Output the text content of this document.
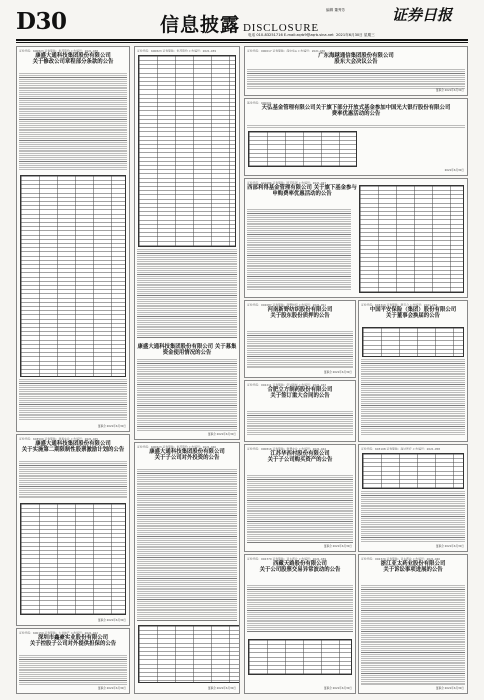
D30	信息披露 DISCLOSURE
编辑 董秀芳	证券日报
电话 010-83251716 E-mail:zqrb9@zqrb.sina.net 2021年6月30日 星期三
证券代码：600823 证券简称：世茂股份 公告编号：2021-038
康盛大通科技集团股份有限公司
关于修改公司章程部分条款的公告
董事会 2021年6月30日
证券代码：603500 证券简称：祥和实业 公告编号：2021-045
康盛大通科技集团股份有限公司
关于实施第二期限制性股票激励计划的公告
董事会 2021年6月30日
证券代码：600159 证券简称：大龙地产 公告编号：2021-022
深圳市鑫豪实业股份有限公司
关于控股子公司对外提供担保的公告
董事会 2021年6月30日
证券代码：600823 证券简称：世茂股份 公告编号：2021-039
康盛大通科技集团股份有限公司 关于募集资金使用情况的公告
董事会 2021年6月30日
证券代码：600823 证券简称：世茂股份 公告编号：2021-040
康盛大通科技集团股份有限公司
关于子公司对外投资的公告
董事会 2021年6月30日
证券代码：000017 证券简称：深中华A 公告编号：2021-030
广东海越通信集团股份有限公司
股东大会决议公告
董事会 2021年6月30日
基金代码：000001
天弘基金管理有限公司关于旗下部分开放式基金参加中国光大银行股份有限公司
费率优惠活动的公告
2021年6月30日
证券代码：601086 证券简称：国芳集团 公告编号：2021-027
西部利得基金管理有限公司 关于旗下基金参与申购费率优惠活动的公告
证券代码：002087 证券简称：新野纺织 公告编号：2021-051
河南新野纺织股份有限公司
关于股东股份质押的公告
董事会 2021年6月30日
证券代码：603313 证券简称：梦百合 公告编号：2021-064
中国平安保险（集团）股份有限公司
关于董事会换届的公告
证券代码：002211 证券简称：宏达新材 公告编号：2021-033
合肥立方制药股份有限公司
关于签订重大合同的公告
证券代码：000816 证券简称：智慧农业 公告编号：2021-044
江苏华西村股份有限公司
关于子公司购买资产的公告
董事会 2021年6月30日
证券代码：603108 证券简称：润达医疗 公告编号：2021-058
董事会 2021年6月30日
证券代码：002370 证券简称：亚太药业 公告编号：2021-039
西藏天路股份有限公司
关于公司股票交易异常波动的公告
董事会 2021年6月30日
证券代码：002370 证券简称：亚太药业 公告编号：2021-040
浙江亚太药业股份有限公司
关于诉讼事项进展的公告
董事会 2021年6月30日
